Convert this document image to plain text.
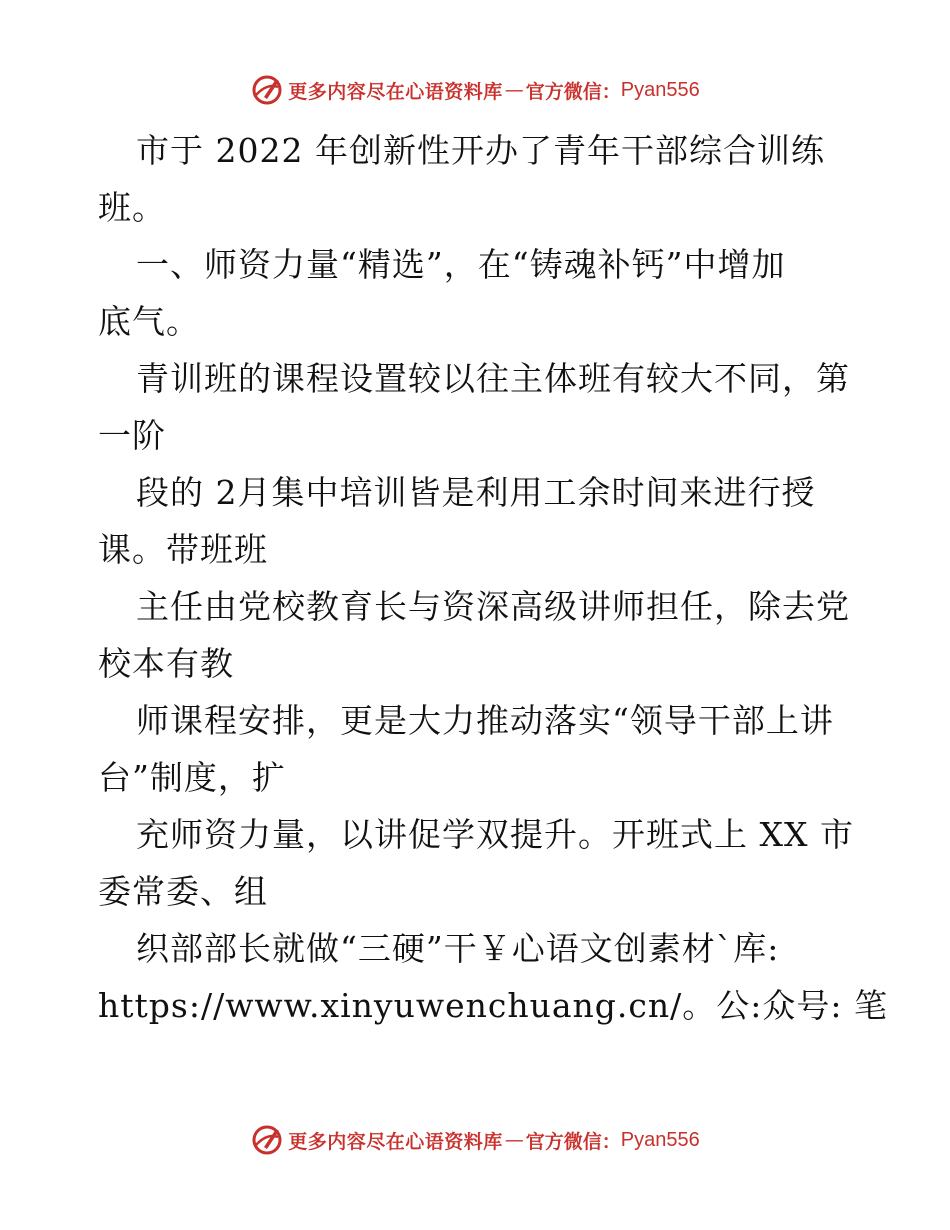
更多内容尽在心语资料库 — 官方微信： Pyan556
市于 2022 年创新性开办了青年干部综合训练
班。
一、师资力量“精选”，在“铸魂补钙”中增加
底气。
青训班的课程设置较以往主体班有较大不同，第
一阶
段的 2月集中培训皆是利用工余时间来进行授
课。带班班
主任由党校教育长与资深高级讲师担任，除去党
校本有教
师课程安排，更是大力推动落实“领导干部上讲
台”制度，扩
充师资力量，以讲促学双提升。开班式上 XX 市
委常委、组
织部部长就做“三硬”干￥心语文创素材`库:
https://www.xinyuwenchuang.cn/。公:众号: 笔
更多内容尽在心语资料库 — 官方微信： Pyan556
